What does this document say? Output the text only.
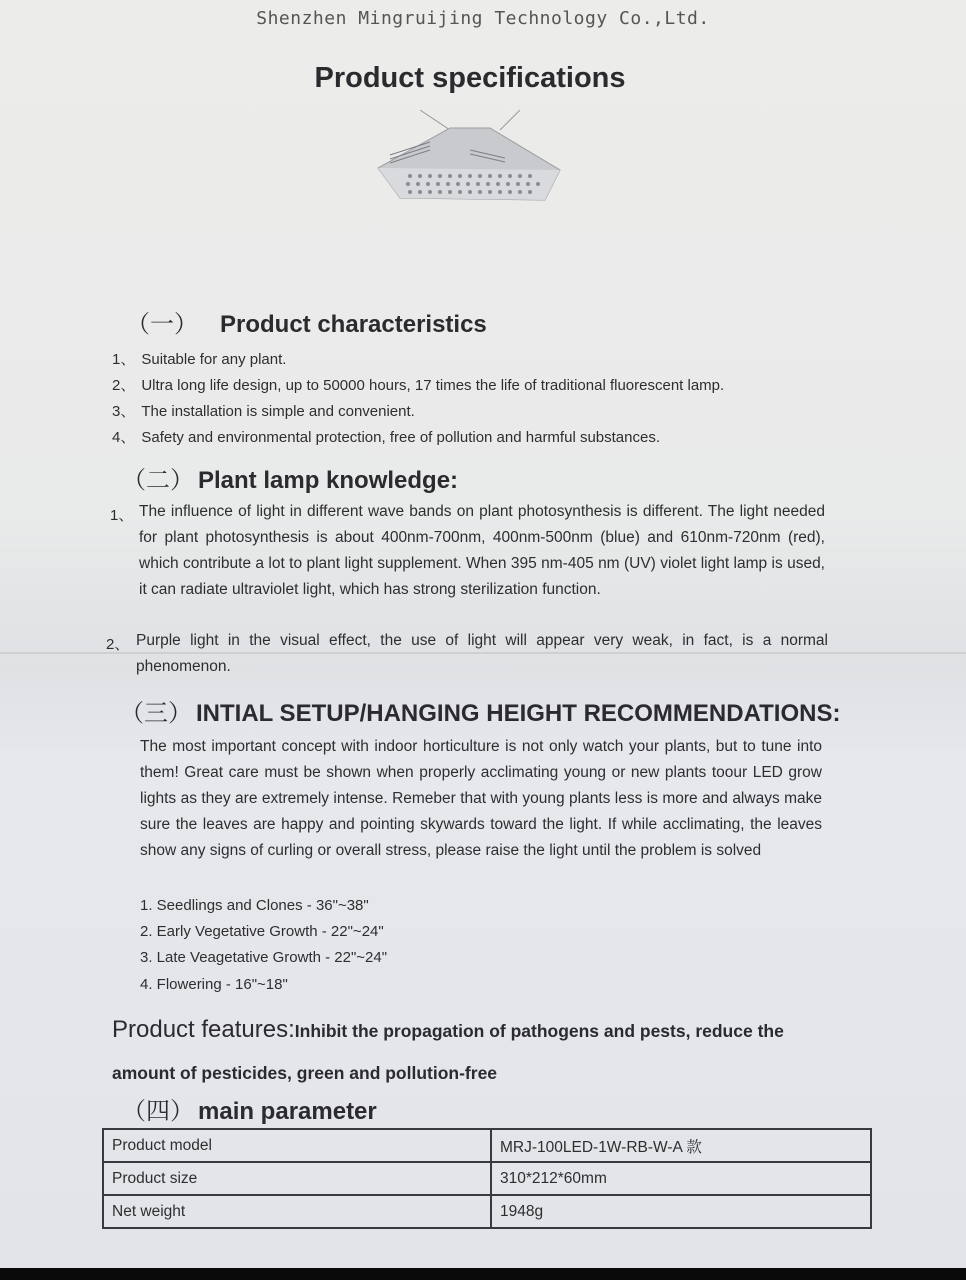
Shenzhen Mingruijing Technology Co.,Ltd.
Product specifications
（一） Product characteristics
1、 Suitable for any plant.
2、 Ultra long life design, up to 50000 hours, 17 times the life of traditional fluorescent lamp.
3、 The installation is simple and convenient.
4、 Safety and environmental protection, free of pollution and harmful substances.
（二） Plant lamp knowledge:
1、 The influence of light in different wave bands on plant photosynthesis is different. The light needed for plant photosynthesis is about 400nm-700nm, 400nm-500nm (blue) and 610nm-720nm (red), which contribute a lot to plant light supplement. When 395 nm-405 nm (UV) violet light lamp is used, it can radiate ultraviolet light, which has strong sterilization function.

2、 Purple light in the visual effect, the use of light will appear very weak, in fact, is a normal phenomenon.

（三） INTIAL SETUP/HANGING HEIGHT RECOMMENDATIONS:

The most important concept with indoor horticulture is not only watch your plants, but to tune into them! Great care must be shown when properly acclimating young or new plants toour LED grow lights as they are extremely intense. Remeber that with young plants less is more and always make sure the leaves are happy and pointing skywards toward the light. If while acclimating, the leaves show any signs of curling or overall stress, please raise the light until the problem is solved

1. Seedlings and Clones - 36"~38"
2. Early Vegetative Growth - 22"~24"
3. Late Veagetative Growth - 22"~24"
4. Flowering - 16"~18"
Product features:Inhibit the propagation of pathogens and pests, reduce the amount of pesticides, green and pollution-free
（四） main parameter
Product model	MRJ-100LED-1W-RB-W-A 款
Product size	310*212*60mm
Net weight	1948g
